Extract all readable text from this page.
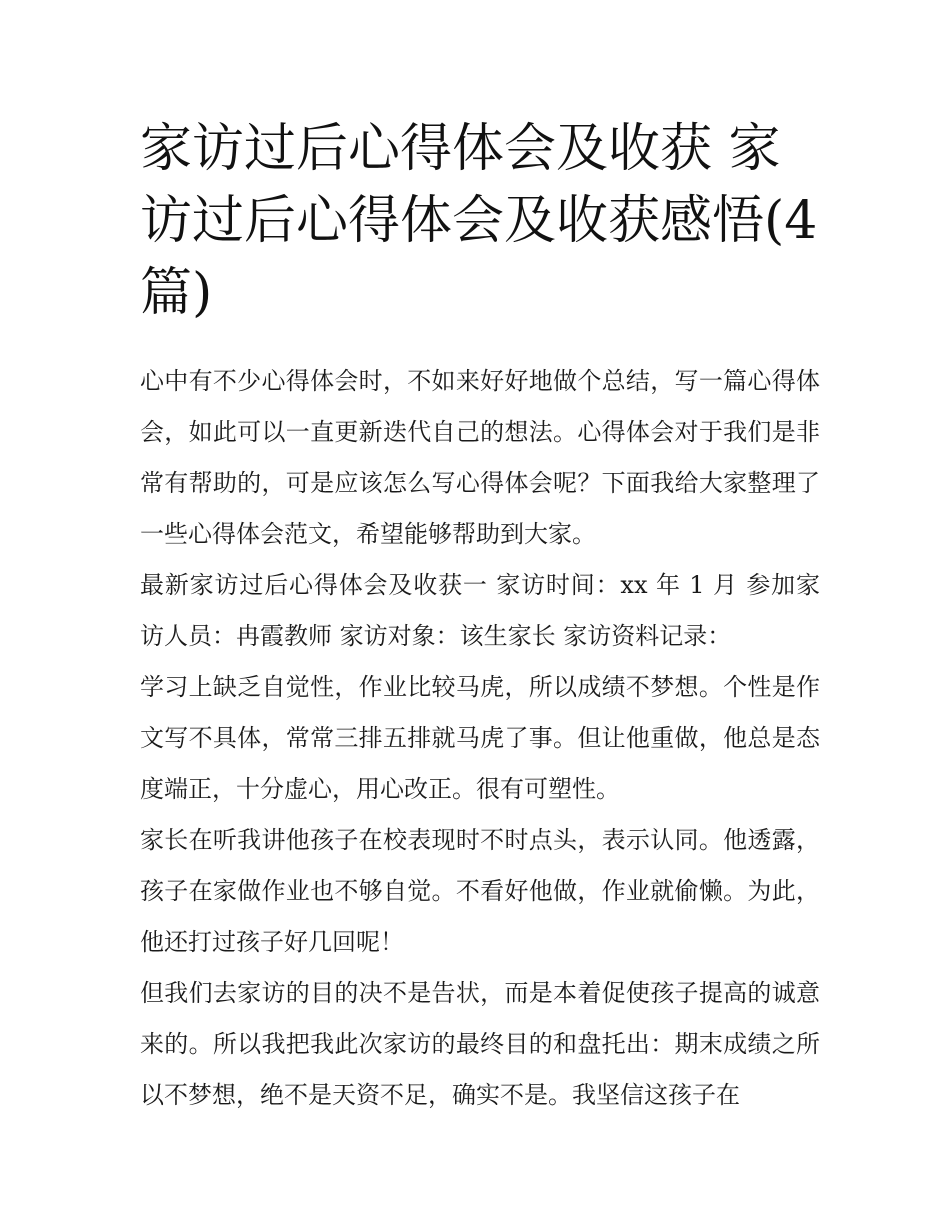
家访过后心得体会及收获 家访过后心得体会及收获感悟(4篇)

心中有不少心得体会时，不如来好好地做个总结，写一篇心得体会，如此可以一直更新迭代自己的想法。心得体会对于我们是非常有帮助的，可是应该怎么写心得体会呢？下面我给大家整理了一些心得体会范文，希望能够帮助到大家。

最新家访过后心得体会及收获一 家访时间：xx 年 1 月 参加家访人员：冉霞教师 家访对象：该生家长 家访资料记录：

学习上缺乏自觉性，作业比较马虎，所以成绩不梦想。个性是作文写不具体，常常三排五排就马虎了事。但让他重做，他总是态度端正，十分虚心，用心改正。很有可塑性。

家长在听我讲他孩子在校表现时不时点头，表示认同。他透露，孩子在家做作业也不够自觉。不看好他做，作业就偷懒。为此，他还打过孩子好几回呢！

但我们去家访的目的决不是告状，而是本着促使孩子提高的诚意来的。所以我把我此次家访的最终目的和盘托出：期末成绩之所以不梦想，绝不是天资不足，确实不是。我坚信这孩子在
